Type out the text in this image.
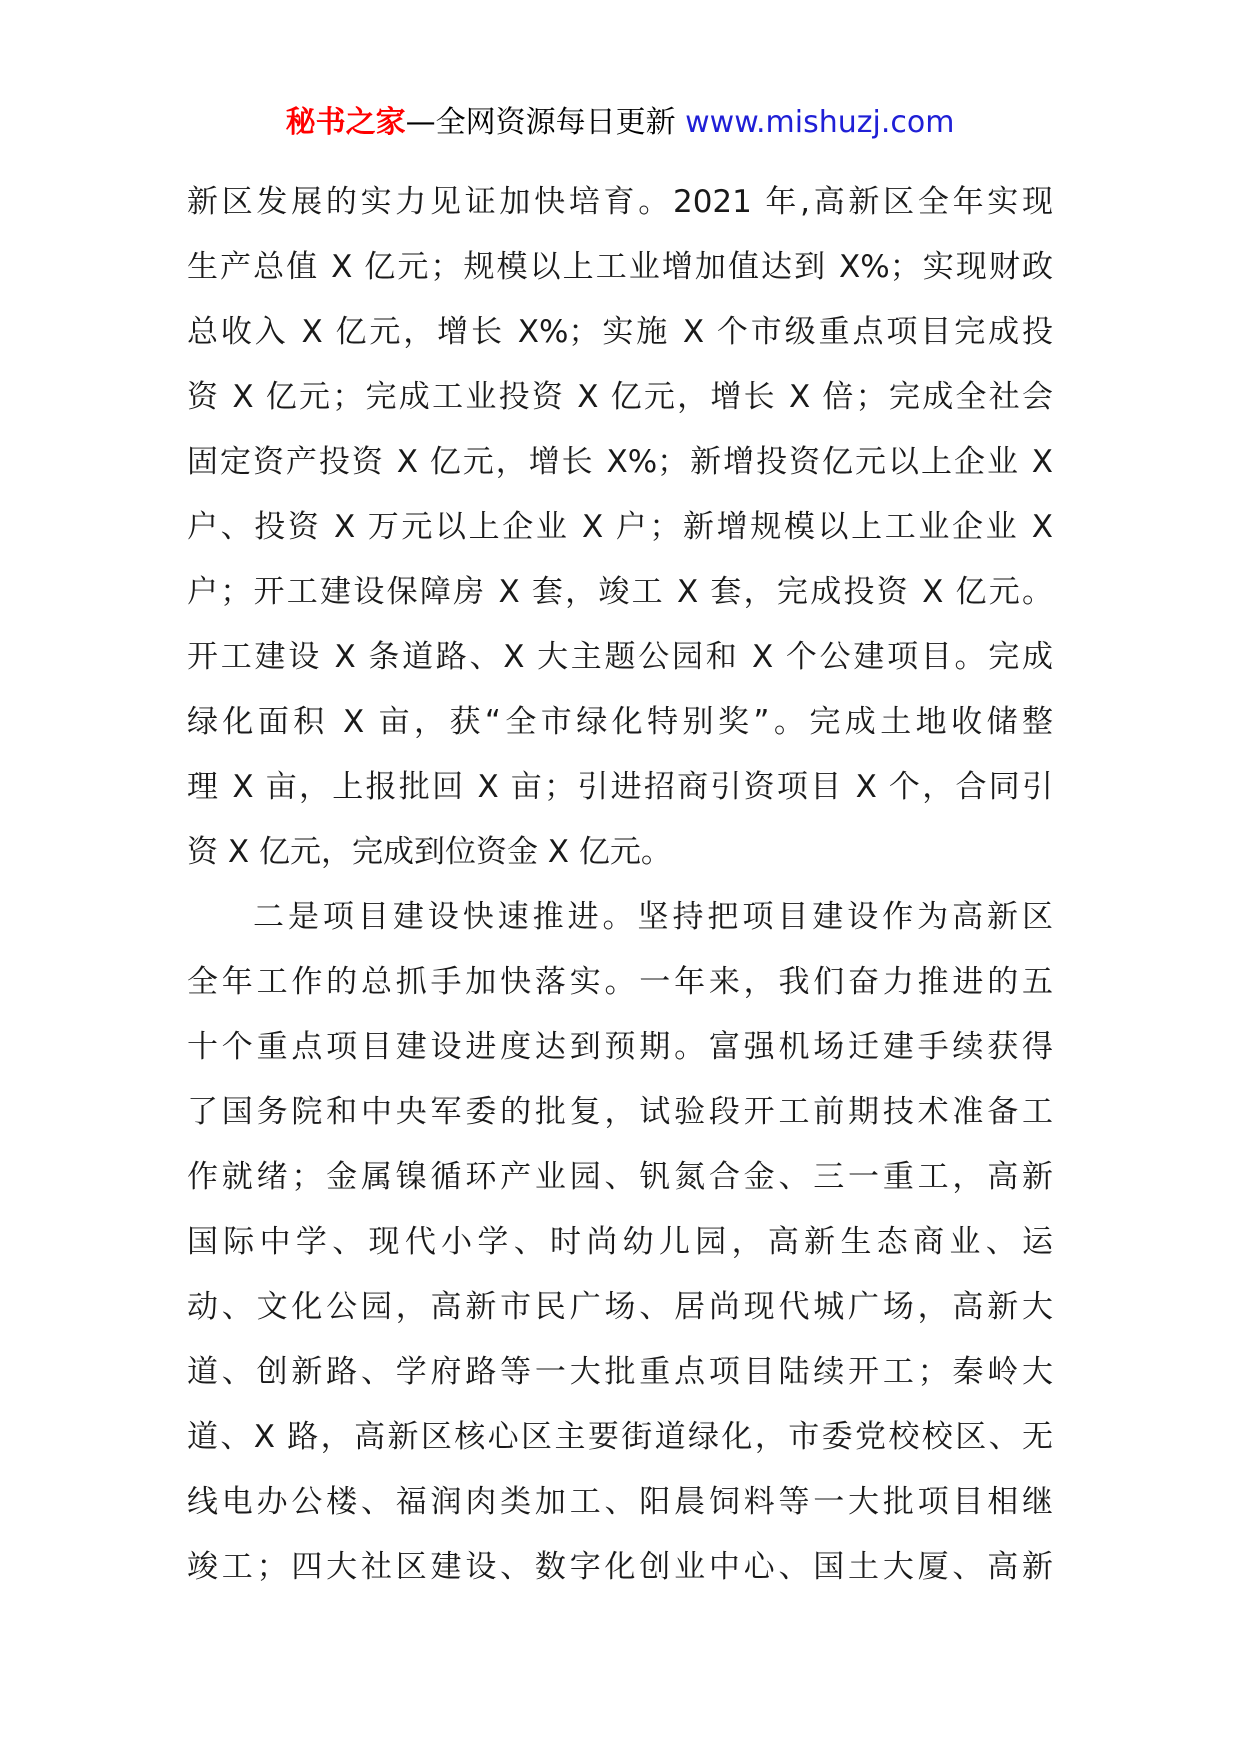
秘书之家—全网资源每日更新 www.mishuzj.com
新区发展的实力见证加快培育。2021 年,高新区全年实现
生产总值 X 亿元；规模以上工业增加值达到 X%；实现财政
总收入 X 亿元，增长 X%；实施 X 个市级重点项目完成投
资 X 亿元；完成工业投资 X 亿元，增长 X 倍；完成全社会
固定资产投资 X 亿元，增长 X%；新增投资亿元以上企业 X
户、投资 X 万元以上企业 X 户；新增规模以上工业企业 X
户；开工建设保障房 X 套，竣工 X 套，完成投资 X 亿元。
开工建设 X 条道路、X 大主题公园和 X 个公建项目。完成
绿化面积 X 亩，获“全市绿化特别奖”。完成土地收储整
理 X 亩，上报批回 X 亩；引进招商引资项目 X 个，合同引
资 X 亿元，完成到位资金 X 亿元。
二是项目建设快速推进。坚持把项目建设作为高新区
全年工作的总抓手加快落实。一年来，我们奋力推进的五
十个重点项目建设进度达到预期。富强机场迁建手续获得
了国务院和中央军委的批复，试验段开工前期技术准备工
作就绪；金属镍循环产业园、钒氮合金、三一重工，高新
国际中学、现代小学、时尚幼儿园，高新生态商业、运
动、文化公园，高新市民广场、居尚现代城广场，高新大
道、创新路、学府路等一大批重点项目陆续开工；秦岭大
道、X 路，高新区核心区主要街道绿化，市委党校校区、无
线电办公楼、福润肉类加工、阳晨饲料等一大批项目相继
竣工；四大社区建设、数字化创业中心、国土大厦、高新
